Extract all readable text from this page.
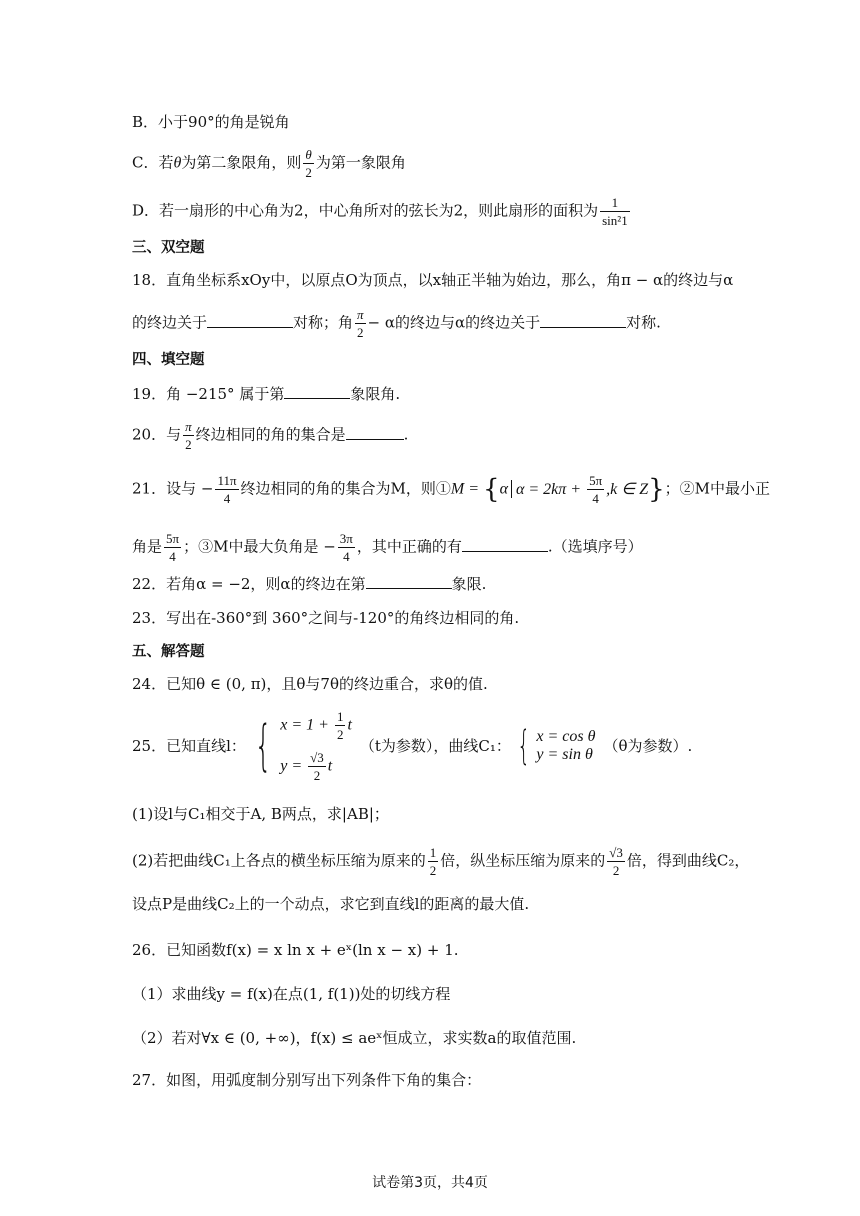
B．小于90°的角是锐角
C．若θ为第二象限角，则 $\frac{\theta}{2}$ 为第一象限角
D．若一扇形的中心角为2，中心角所对的弦长为2，则此扇形的面积为 $\frac{1}{\text{sin²1}}$
三、双空题
18．直角坐标系xOy中，以原点O为顶点，以x轴正半轴为始边，那么，角π − α的终边与α
的终边关于	对称；角 $\frac{\pi}{2} - \alpha$的终边与α的终边关于	对称.
四、填空题
19．角 −215° 属于第	象限角.
20．与 $\frac{\pi}{2}$ 终边相同的角的集合是	.
21．设与 − $\frac{11\pi}{4}$ 终边相同的角的集合为M，则①M = {α $\alpha = 2k\pi + \frac{5\pi}{4} ,k$ ∈ Z}；②M中最小正
角是 $\frac{5\pi}{4}$ ；③M中最大负角是 − $\frac{3\pi}{4}$ ，其中正确的有	.（选填序号）
22．若角α = −2，则α的终边在第	象限.
23．写出在-360°到 360°之间与-120°的角终边相同的角.
五、解答题
24．已知θ ∈ (0, π)，且θ与7θ的终边重合，求θ的值.
25．已知直线l： { $x = 1 + \frac{1}{2}$ t
$y = \frac{√3}{2}$ t
（t为参数），曲线C₁： { x = cos θ
y = sin θ （θ为参数）.
(1)设l与C₁相交于A, B两点，求|AB|；
(2)若把曲线C₁上各点的横坐标压缩为原来的 $\frac{1}{2}$ 倍，纵坐标压缩为原来的 $\frac{√3}{2}$ 倍，得到曲线C₂，
设点P是曲线C₂上的一个动点，求它到直线l的距离的最大值.
26．已知函数f(x) = x ln x + eˣ(ln x − x) + 1.
（1）求曲线y = f(x)在点(1, f(1))处的切线方程
（2）若对∀x ∈ (0, +∞)，f(x) ≤ aeˣ恒成立，求实数a的取值范围.
27．如图，用弧度制分别写出下列条件下角的集合：
试卷第3页，共4页
